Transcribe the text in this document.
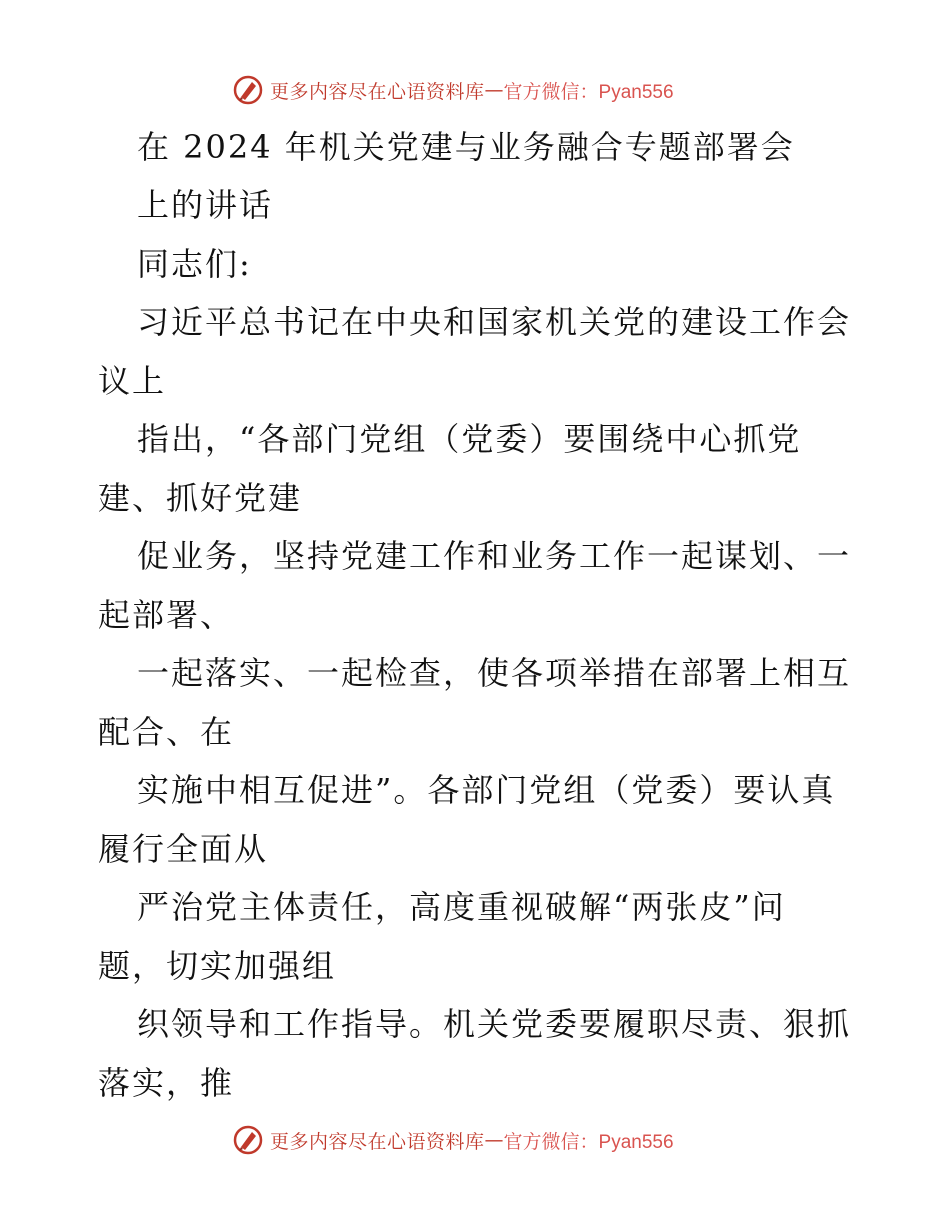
更多内容尽在心语资料库 — 官方微信：Pyan556
在 2024 年机关党建与业务融合专题部署会
上的讲话
同志们:
习近平总书记在中央和国家机关党的建设工作会
议上
指出，“各部门党组（党委）要围绕中心抓党
建、抓好党建
促业务，坚持党建工作和业务工作一起谋划、一
起部署、
一起落实、一起检查，使各项举措在部署上相互
配合、在
实施中相互促进”。各部门党组（党委）要认真
履行全面从
严治党主体责任，高度重视破解“两张皮”问
题，切实加强组
织领导和工作指导。机关党委要履职尽责、狠抓
落实，推
更多内容尽在心语资料库 — 官方微信：Pyan556
